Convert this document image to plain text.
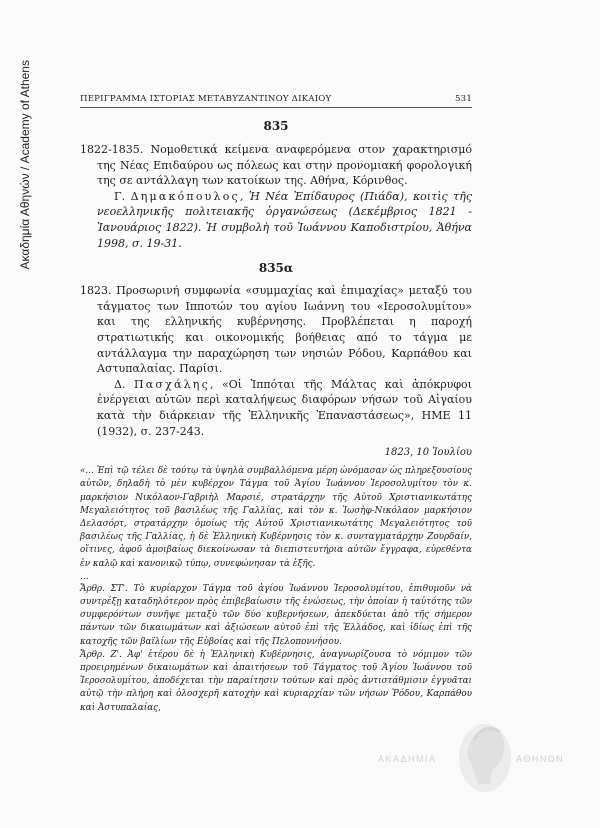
Ακαδημία Αθηνών / Academy of Athens	ΠΕΡΙΓΡΑΜΜΑ ΙΣΤΟΡΙΑΣ ΜΕΤΑΒΥΖΑΝΤΙΝΟΥ ΔΙΚΑΙΟΥ	531
835

1822-1835. Νομοθετικά κείμενα αναφερόμενα στον χαρακτηρισμό της Νέας Επιδαύρου ως πόλεως και στην προνομιακή φορολογική της σε αντάλλαγη των κατοίκων της. Αθήνα, Κόρινθος.

Γ. Δημακόπουλος, Ἡ Νέα Ἐπίδαυρος (Πιάδα), κοιτὶς τῆς νεοελληνικῆς πολιτειακῆς ὀργανώσεως (Δεκέμβριος 1821 - Ἰανουάριος 1822). Ἡ συμβολὴ τοῦ Ἰωάννου Καποδιστρίου, Ἀθήνα 1998, σ. 19-31.

835α

1823. Προσωρινή συμφωνία «συμμαχίας καὶ ἐπιμαχίας» μεταξύ του τάγματος των Ιπποτών του αγίου Ιωάννη του «Ιεροσολυμίτου» και της ελληνικής κυβέρνησης. Προβλέπεται η παροχή στρατιωτικής και οικονομικής βοήθειας από το τάγμα με αντάλλαγμα την παραχώρηση των νησιών Ρόδου, Καρπάθου και Αστυπαλαίας. Παρίσι.

Δ. Πασχάλης, «Οἱ Ἱππόται τῆς Μάλτας καὶ ἀπόκρυφοι ἐνέργειαι αὐτῶν περὶ καταλήψεως διαφόρων νήσων τοῦ Αἰγαίου κατὰ τὴν διάρκειαν τῆς Ἑλληνικῆς Ἐπαναστάσεως», ΗΜΕ 11 (1932), σ. 237-243.

1823, 10 Ἰουλίου

«... Ἐπὶ τῷ τέλει δὲ τούτῳ τὰ ὑψηλὰ συμβαλλόμενα μέρη ὠνόμασαν ὡς πληρεξουσίους αὐτῶν, δηλαδὴ τὸ μὲν κυβέρχον Τάγμα τοῦ Ἁγίου Ἰωάννου Ἱεροσολυμίτου τὸν κ. μαρκήσιον Νικόλαον-Γαβριὴλ Μαρσιέ, στρατάρχην τῆς Αὐτοῦ Χριστιανικωτάτης Μεγαλειότητος τοῦ βασιλέως τῆς Γαλλίας, καὶ τὸν κ. Ἰωσὴφ-Νικόλαον μαρκήσιον Δελασόρτ, στρατάρχην ὁμοίως τῆς Αὐτοῦ Χριστιανικωτάτης Μεγαλειότητος τοῦ βασιλέως τῆς Γαλλίας, ἡ δὲ Ἑλληνικὴ Κυβέρνησις τὸν κ. συνταγματάρχην Ζουρδαίν, οἵτινες, ἀφοῦ ἀμοιβαίως διεκοίνωσαν τὰ διεπιστευτήρια αὐτῶν ἔγγραφα, εὑρεθέντα ἐν καλῷ καὶ κανονικῷ τύπῳ, συνεφώνησαν τὰ ἑξῆς.

...

Ἄρθρ. ΣΤ'. Τὸ κυρίαρχον Τάγμα τοῦ ἁγίου Ἰωάννου Ἱεροσολυμίτου, ἐπιθυμοῦν νὰ συντρέξῃ καταδηλότερον πρὸς ἐπιβεβαίωσιν τῆς ἑνώσεως, τὴν ὁποίαν ἡ ταὐτότης τῶν συμφερόντων συνῆψε μεταξὺ τῶν δύο κυβερνήσεων, ἀπεκδύεται ἀπὸ τῆς σήμερον πάντων τῶν δικαιωμάτων καὶ ἀξιώσεων αὐτοῦ ἐπὶ τῆς Ἑλλάδος, καὶ ἰδίως ἐπὶ τῆς κατοχῆς τῶν βαϊλίων τῆς Εὐβοίας καὶ τῆς Πελοποννήσου.

Ἄρθρ. Ζ'. Ἀφ' ἑτέρου δὲ ἡ Ἑλληνικὴ Κυβέρνησις, ἀναγνωρίζουσα τὸ νόμιμον τῶν προειρημένων δικαιωμάτων καὶ ἀπαιτήσεων τοῦ Τάγματος τοῦ Ἁγίου Ἰωάννου τοῦ Ἱεροσολυμίτου, ἀποδέχεται τὴν παραίτησιν τούτων καὶ πρὸς ἀντιστάθμισιν ἐγγυᾶται αὐτῷ τὴν πλήρη καὶ ὁλοσχερῆ κατοχὴν καὶ κυριαρχίαν τῶν νήσων Ῥόδου, Καρπάθου καὶ Ἀστυπαλαίας,

ΑΚΑΔΗΜΙΑ	ΑΘΗΝΩΝ
